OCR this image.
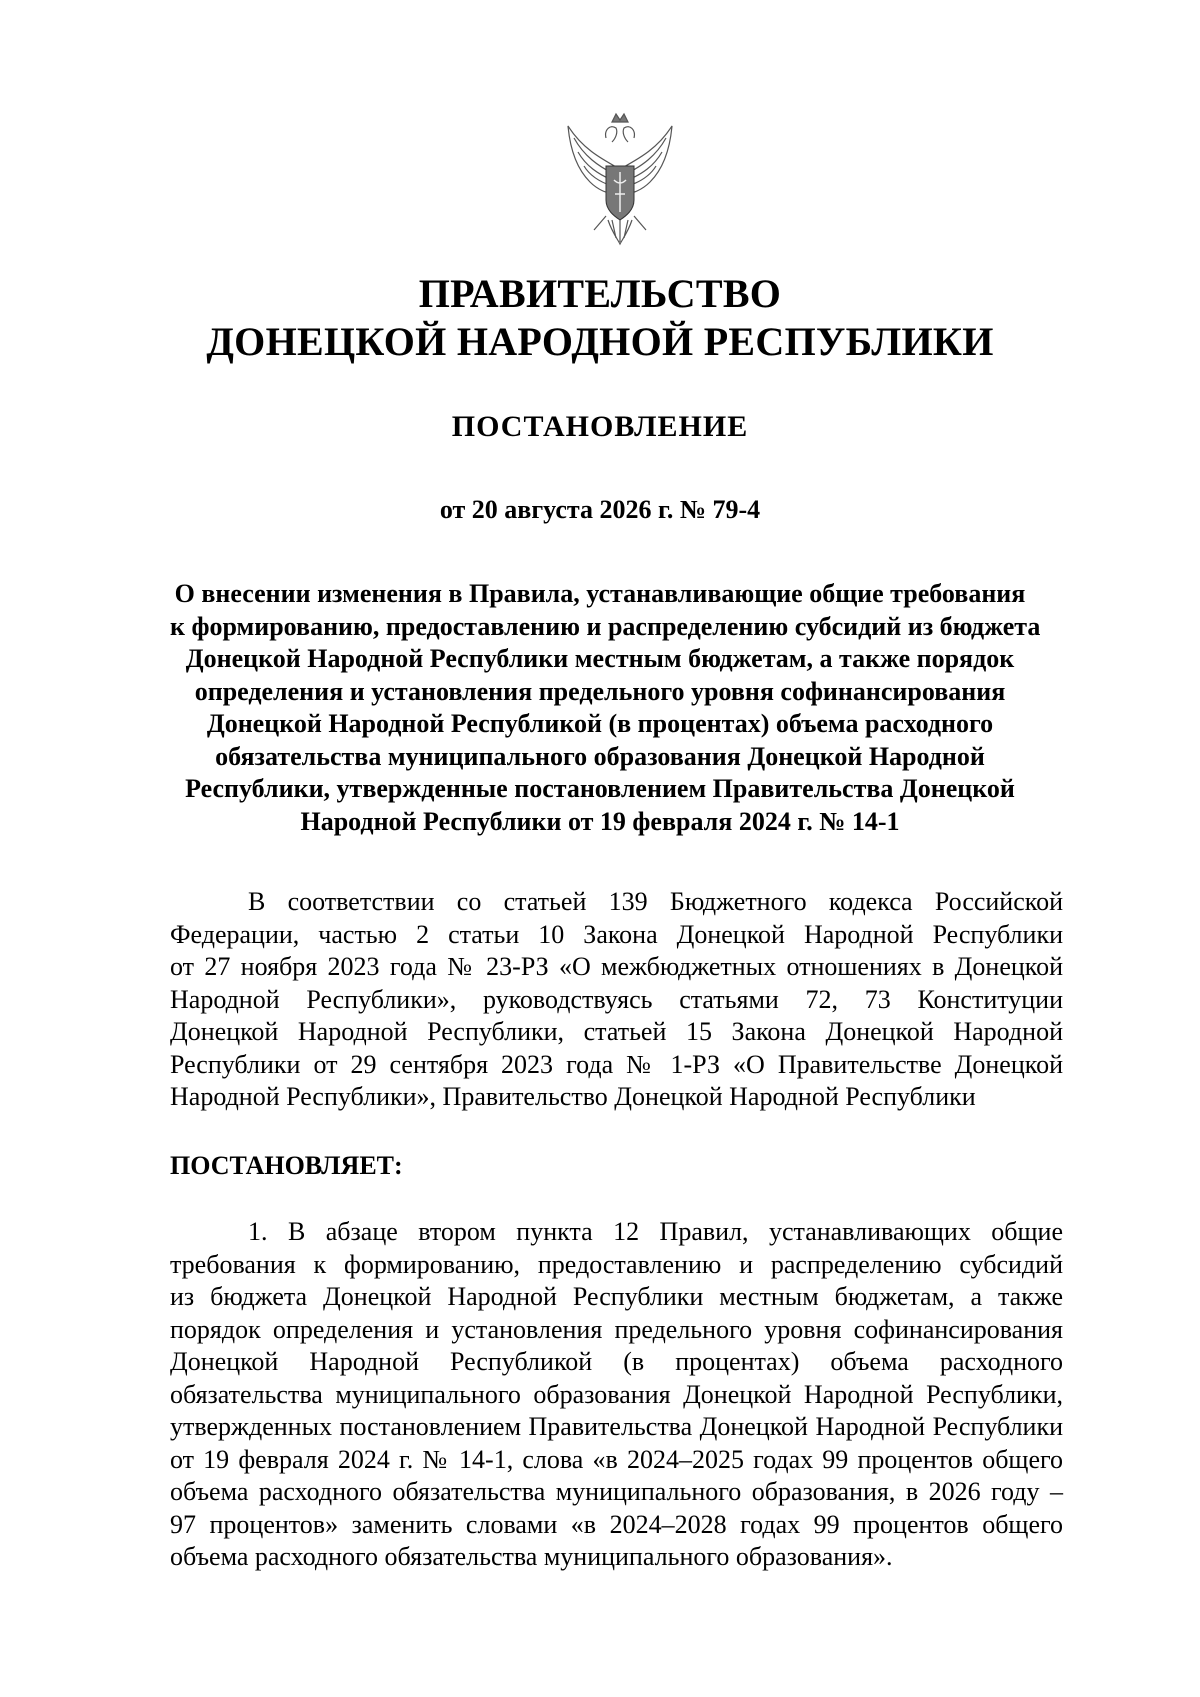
ПРАВИТЕЛЬСТВО
ДОНЕЦКОЙ НАРОДНОЙ РЕСПУБЛИКИ
ПОСТАНОВЛЕНИЕ
от 20 августа 2026 г. № 79-4
О внесении изменения в Правила, устанавливающие общие требования
к формированию, предоставлению и распределению субсидий из бюджета
Донецкой Народной Республики местным бюджетам, а также порядок
определения и установления предельного уровня софинансирования
Донецкой Народной Республикой (в процентах) объема расходного
обязательства муниципального образования Донецкой Народной
Республики, утвержденные постановлением Правительства Донецкой
Народной Республики от 19 февраля 2024 г. № 14-1
В соответствии со статьей 139 Бюджетного кодекса Российской
Федерации, частью 2 статьи 10 Закона Донецкой Народной Республики
от 27 ноября 2023 года № 23-РЗ «О межбюджетных отношениях в Донецкой
Народной Республики», руководствуясь статьями 72, 73 Конституции
Донецкой Народной Республики, статьей 15 Закона Донецкой Народной
Республики от 29 сентября 2023 года № 1-РЗ «О Правительстве Донецкой
Народной Республики», Правительство Донецкой Народной Республики
ПОСТАНОВЛЯЕТ:
1. В абзаце втором пункта 12 Правил, устанавливающих общие
требования к формированию, предоставлению и распределению субсидий
из бюджета Донецкой Народной Республики местным бюджетам, а также
порядок определения и установления предельного уровня софинансирования
Донецкой Народной Республикой (в процентах) объема расходного
обязательства муниципального образования Донецкой Народной Республики,
утвержденных постановлением Правительства Донецкой Народной Республики
от 19 февраля 2024 г. № 14-1, слова «в 2024–2025 годах 99 процентов общего
объема расходного обязательства муниципального образования, в 2026 году –
97 процентов» заменить словами «в 2024–2028 годах 99 процентов общего
объема расходного обязательства муниципального образования».
